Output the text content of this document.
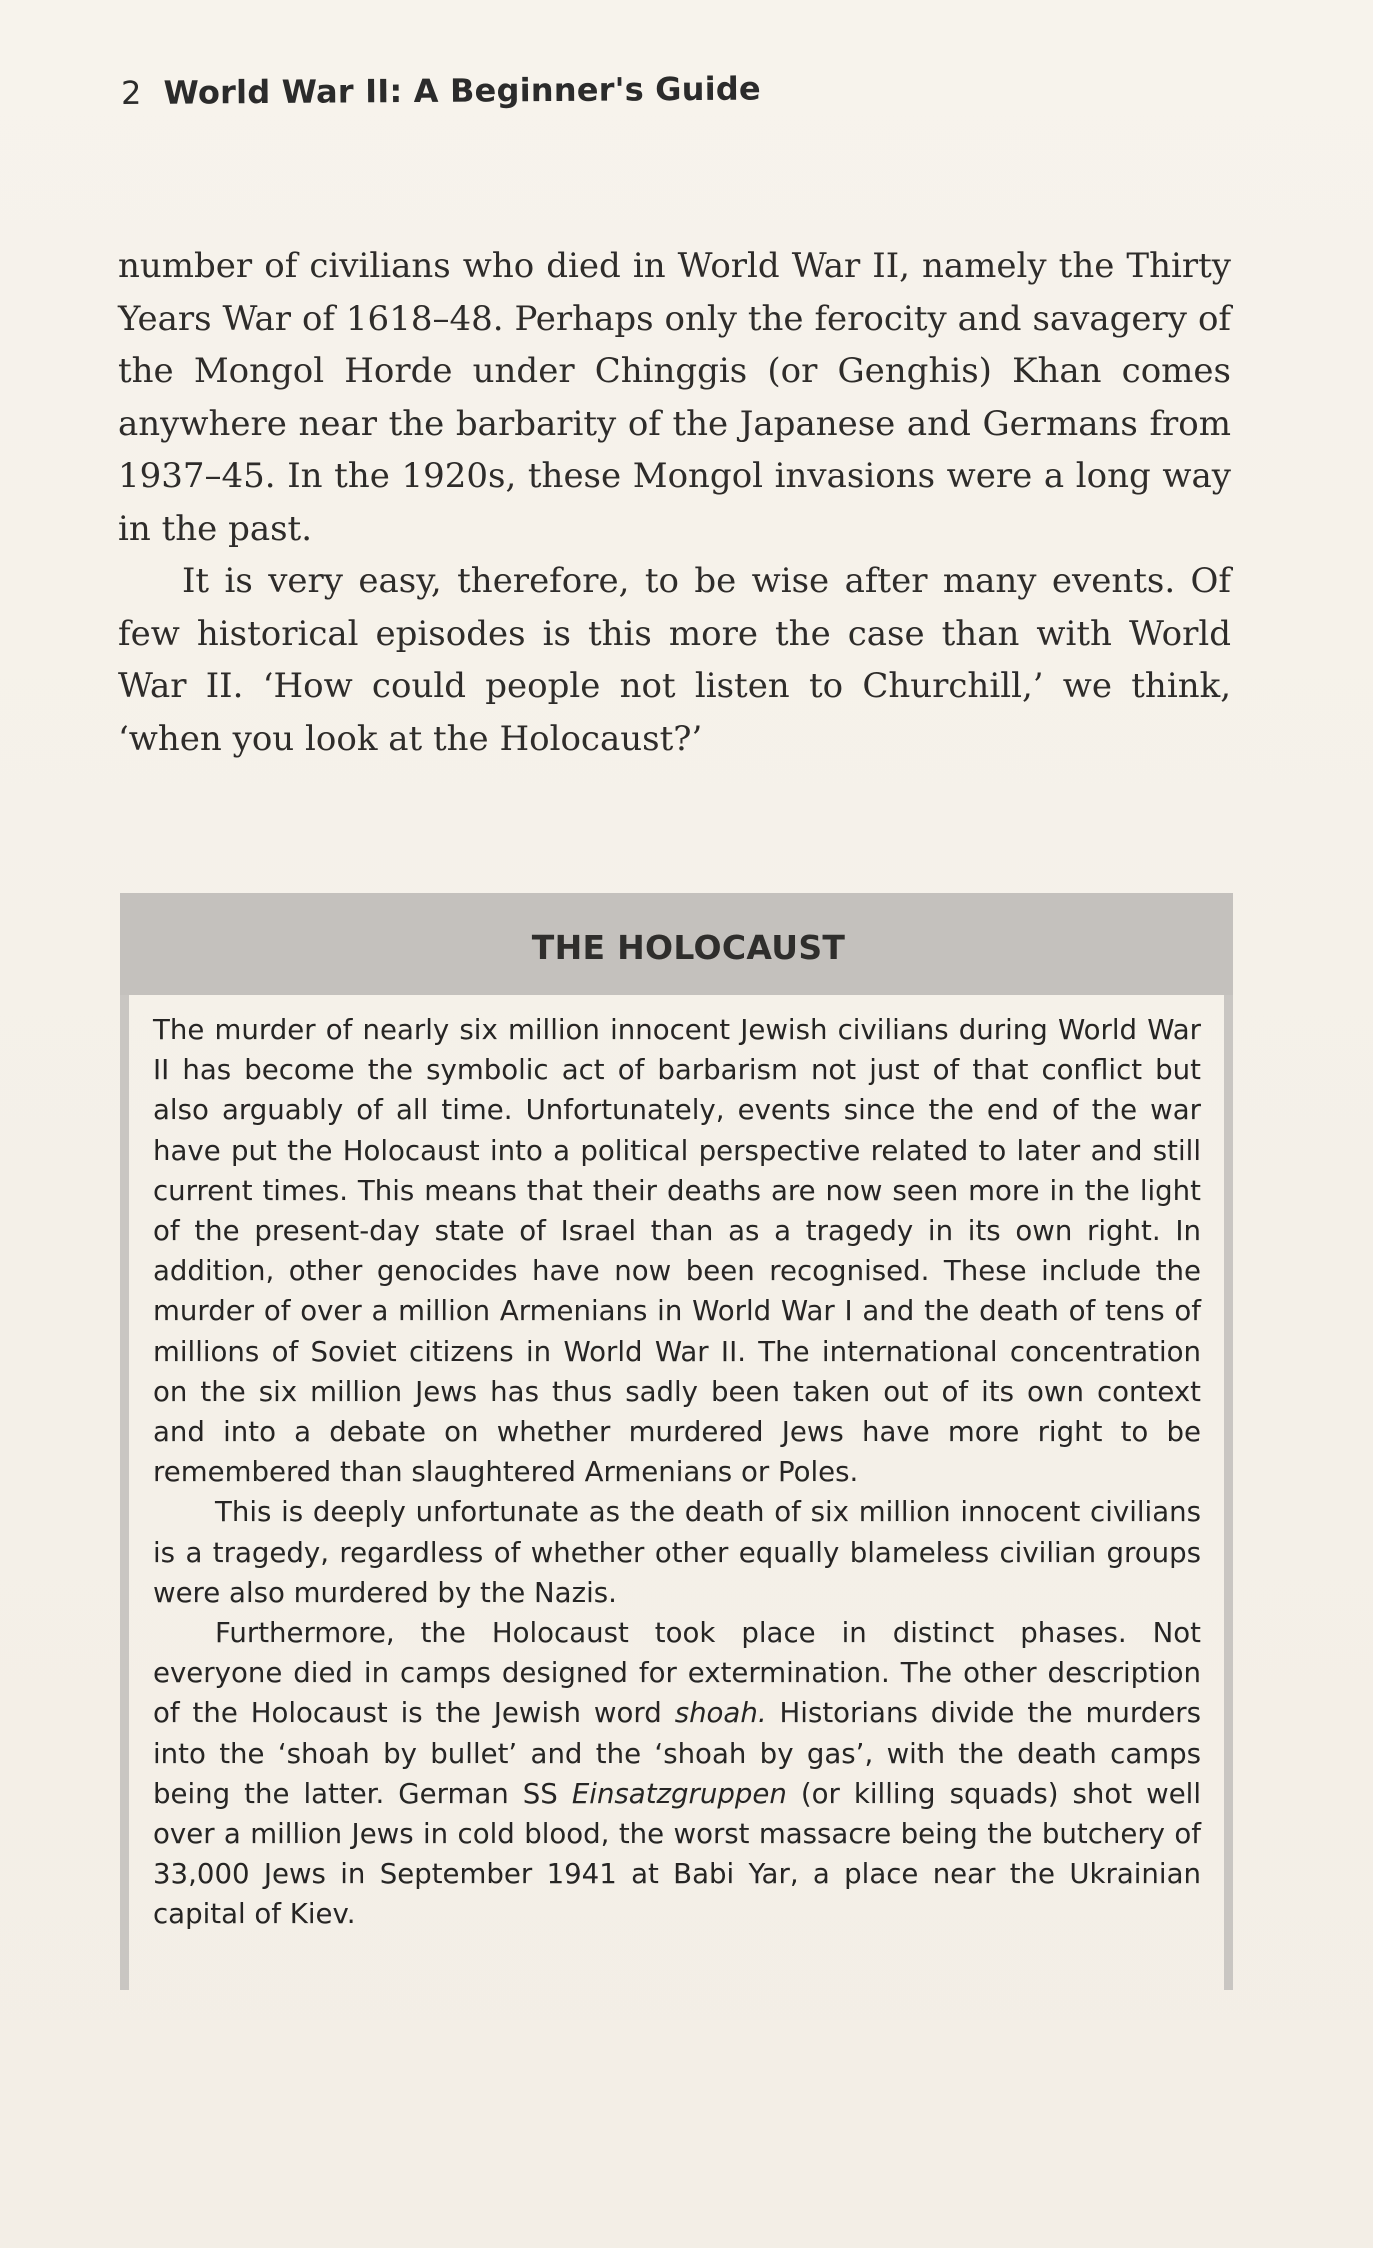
2 World War II: A Beginner's Guide

number of civilians who died in World War II, namely the Thirty Years War of 1618–48. Perhaps only the ferocity and savagery of the Mongol Horde under Chinggis (or Genghis) Khan comes anywhere near the barbarity of the Japanese and Germans from 1937–45. In the 1920s, these Mongol invasions were a long way in the past.

It is very easy, therefore, to be wise after many events. Of few historical episodes is this more the case than with World War II. ‘How could people not listen to Churchill,’ we think, ‘when you look at the Holocaust?’

THE HOLOCAUST

The murder of nearly six million innocent Jewish civilians during World War II has become the symbolic act of barbarism not just of that conflict but also arguably of all time. Unfortunately, events since the end of the war have put the Holocaust into a political perspective related to later and still current times. This means that their deaths are now seen more in the light of the present-day state of Israel than as a tragedy in its own right. In addition, other genocides have now been recognised. These include the murder of over a million Armenians in World War I and the death of tens of millions of Soviet citizens in World War II. The international concentration on the six million Jews has thus sadly been taken out of its own context and into a debate on whether murdered Jews have more right to be remembered than slaughtered Armenians or Poles.

This is deeply unfortunate as the death of six million innocent civilians is a tragedy, regardless of whether other equally blameless civilian groups were also murdered by the Nazis.

Furthermore, the Holocaust took place in distinct phases. Not everyone died in camps designed for extermination. The other description of the Holocaust is the Jewish word shoah. Historians divide the murders into the ‘shoah by bullet’ and the ‘shoah by gas’, with the death camps being the latter. German SS Einsatzgruppen (or killing squads) shot well over a million Jews in cold blood, the worst massacre being the butchery of 33,000 Jews in September 1941 at Babi Yar, a place near the Ukrainian capital of Kiev.
